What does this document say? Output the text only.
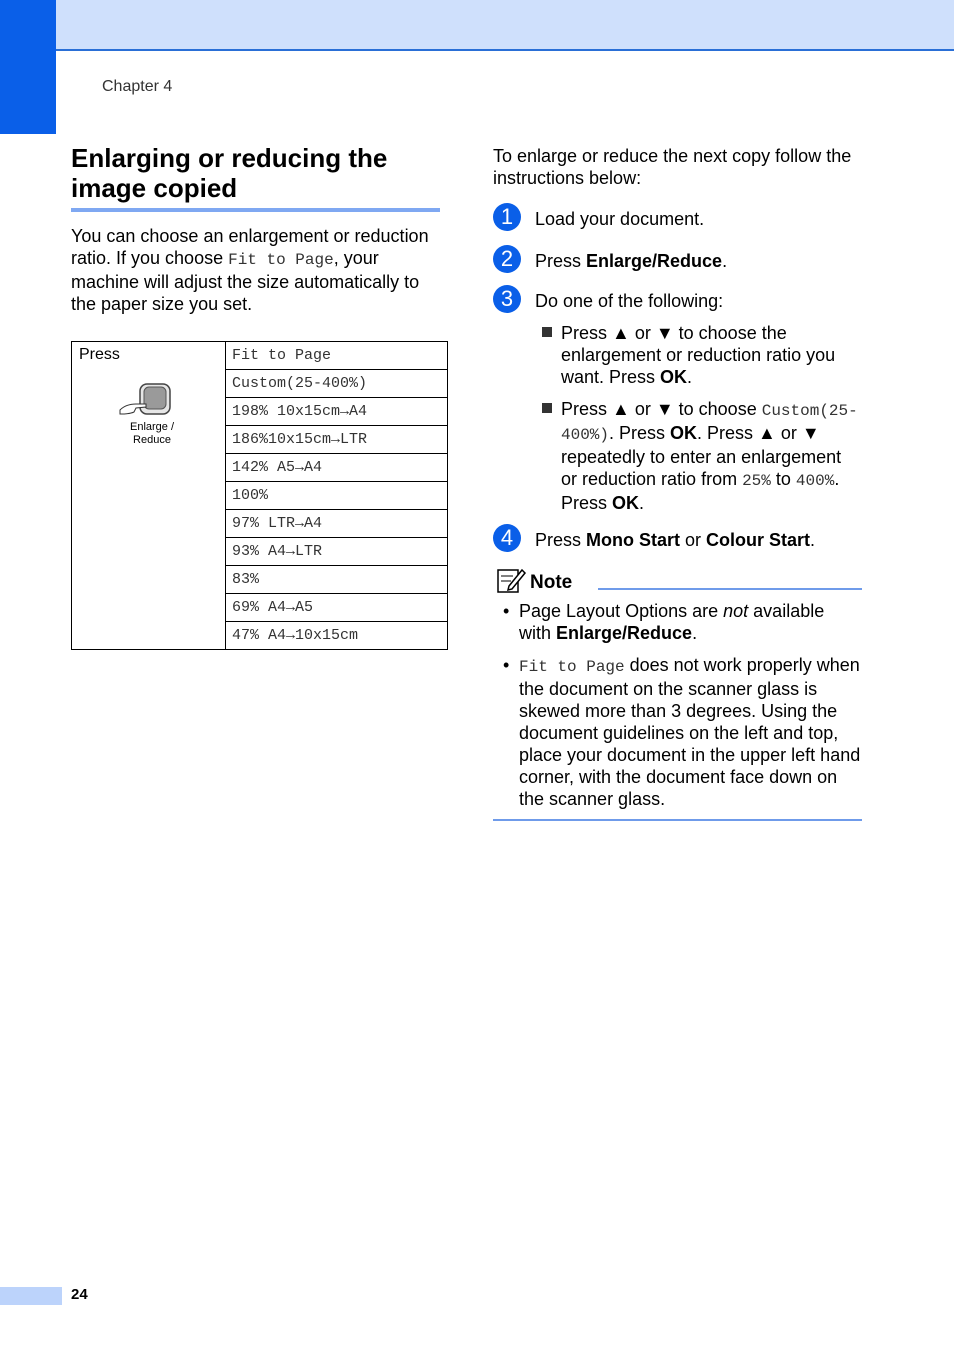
Chapter 4
Enlarging or reducing the
image copied

You can choose an enlargement or reduction ratio. If you choose Fit to Page, your machine will adjust the size automatically to the paper size you set.

Press
Enlarge /
Reduce
	Fit to Page
Custom(25-400%)
198% 10x15cm→A4
186%10x15cm→LTR
142% A5→A4
100%
97% LTR→A4
93% A4→LTR
83%
69% A4→A5
47% A4→10x15cm

To enlarge or reduce the next copy follow the instructions below:

1	Load your document.
2	Press Enlarge/Reduce.
3	Do one of the following:
Press ▲ or ▼ to choose the enlargement or reduction ratio you want. Press OK.
Press ▲ or ▼ to choose Custom(25-400%). Press OK. Press ▲ or ▼ repeatedly to enter an enlargement or reduction ratio from 25% to 400%. Press OK.
4	Press Mono Start or Colour Start.
Note
• Page Layout Options are not available with Enlarge/Reduce.
• Fit to Page does not work properly when the document on the scanner glass is skewed more than 3 degrees. Using the document guidelines on the left and top, place your document in the upper left hand corner, with the document face down on the scanner glass.
24
